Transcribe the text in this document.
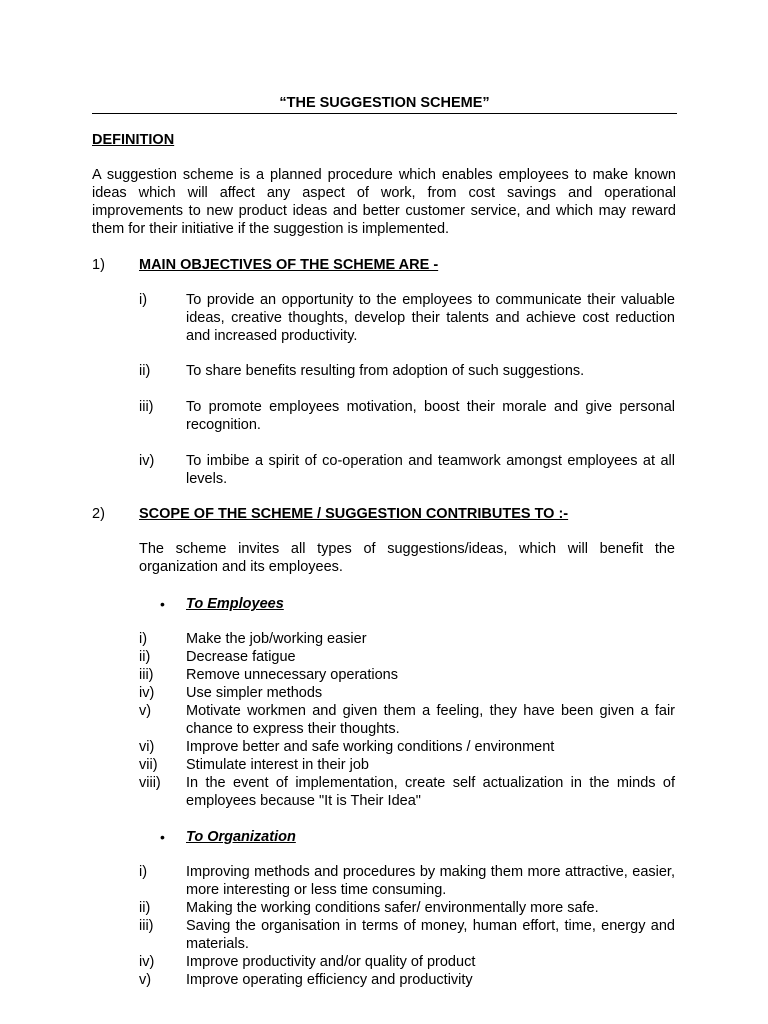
“THE SUGGESTION SCHEME”
DEFINITION
A suggestion scheme is a planned procedure which enables employees to make known ideas which will affect any aspect of work, from cost savings and operational improvements to new product ideas and better customer service, and which may reward them for their initiative if the suggestion is implemented.
1) MAIN OBJECTIVES OF THE SCHEME ARE -
i)	To provide an opportunity to the employees to communicate their valuable ideas, creative thoughts, develop their talents and achieve cost reduction and increased productivity.
ii) To share benefits resulting from adoption of such suggestions.
iii) To promote employees motivation, boost their morale and give personal recognition.
iv) To imbibe a spirit of co-operation and teamwork amongst employees at all levels.
2) SCOPE OF THE SCHEME / SUGGESTION CONTRIBUTES TO :-
The scheme invites all types of suggestions/ideas, which will benefit the organization and its employees.
• To Employees
i)	Make the job/working easier
ii) Decrease fatigue
iii) Remove unnecessary operations
iv) Use simpler methods
v) Motivate workmen and given them a feeling, they have been given a fair chance to express their thoughts.
vi) Improve better and safe working conditions / environment
vii) Stimulate interest in their job
viii) In the event of implementation, create self actualization in the minds of employees because "It is Their Idea"
• To Organization
i)	Improving methods and procedures by making them more attractive, easier, more interesting or less time consuming.
ii) Making the working conditions safer/ environmentally more safe.
iii) Saving the organisation in terms of money, human effort, time, energy and materials.
iv) Improve productivity and/or quality of product
v) Improve operating efficiency and productivity
